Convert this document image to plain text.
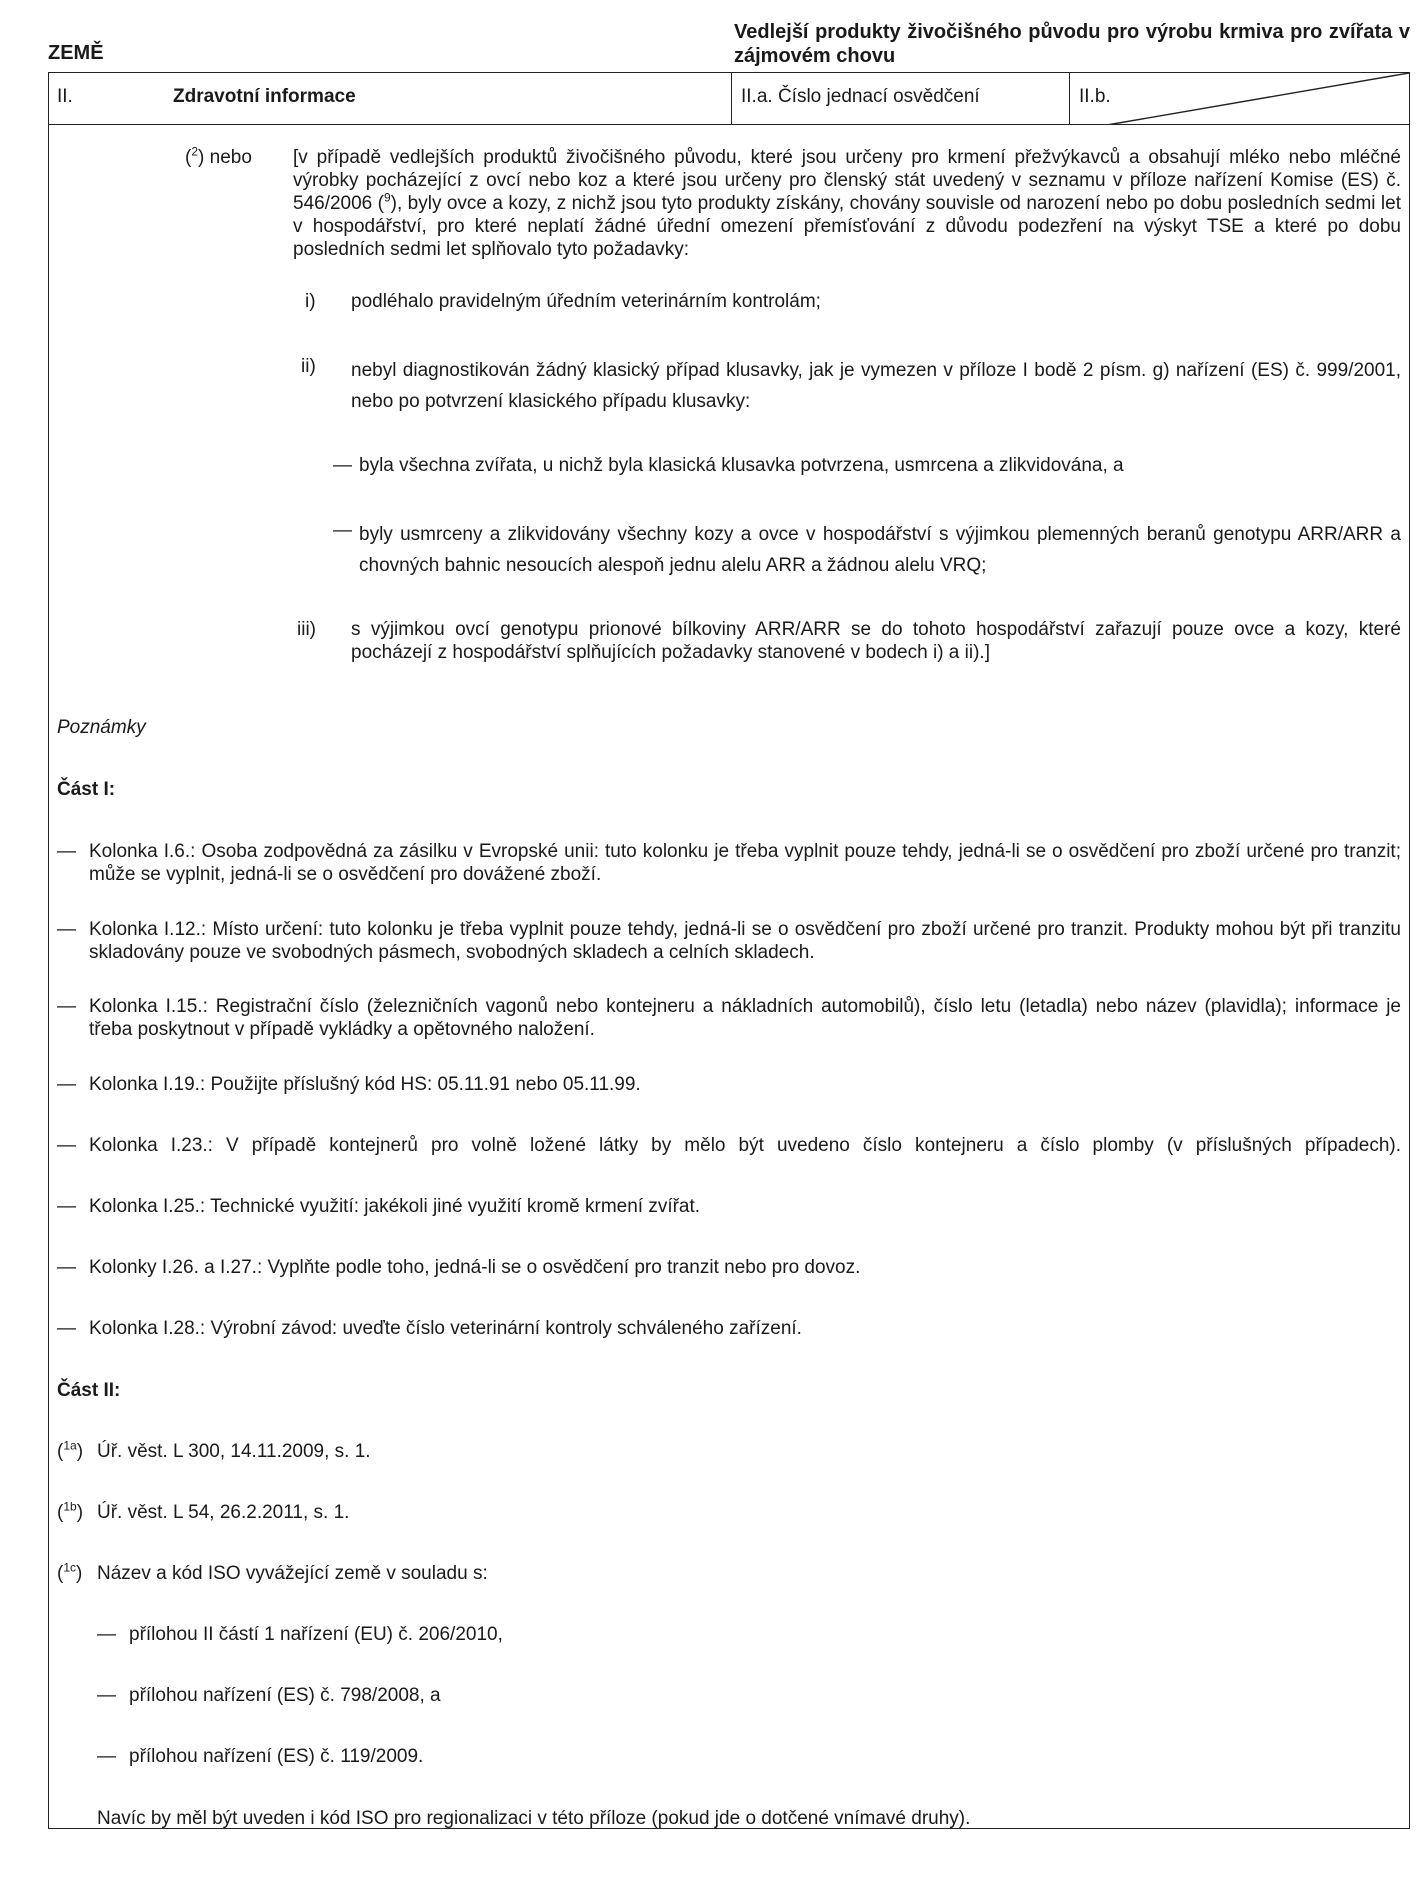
ZEMĚ
Vedlejší produkty živočišného původu pro výrobu krmiva pro zvířata v zájmovém chovu
II.	Zdravotní informace	II.a. Číslo jednací osvědčení	II.b.
($^2$) nebo [v případě vedlejších produktů živočišného původu, které jsou určeny pro krmení přežvýkavců a obsahují mléko nebo mléčné výrobky pocházející z ovcí nebo koz a které jsou určeny pro členský stát uvedený v seznamu v příloze nařízení Komise (ES) č. 546/2006 ($^9$), byly ovce a kozy, z nichž jsou tyto produkty získány, chovány souvisle od narození nebo po dobu posledních sedmi let v hospodářství, pro které neplatí žádné úřední omezení přemísťování z důvodu podezření na výskyt TSE a které po dobu posledních sedmi let splňovalo tyto požadavky:
i) podléhalo pravidelným úředním veterinárním kontrolám;
ii) nebyl diagnostikován žádný klasický případ klusavky, jak je vymezen v příloze I bodě 2 písm. g) nařízení (ES) č. 999/2001, nebo po potvrzení klasického případu klusavky:
— byla všechna zvířata, u nichž byla klasická klusavka potvrzena, usmrcena a zlikvidována, a
— byly usmrceny a zlikvidovány všechny kozy a ovce v hospodářství s výjimkou plemenných beranů genotypu ARR/ARR a chovných bahnic nesoucích alespoň jednu alelu ARR a žádnou alelu VRQ;
iii) s výjimkou ovcí genotypu prionové bílkoviny ARR/ARR se do tohoto hospodářství zařazují pouze ovce a kozy, které pocházejí z hospodářství splňujících požadavky stanovené v bodech i) a ii).]
Poznámky
Část I:
— Kolonka I.6.: Osoba zodpovědná za zásilku v Evropské unii: tuto kolonku je třeba vyplnit pouze tehdy, jedná-li se o osvědčení pro zboží určené pro tranzit; může se vyplnit, jedná-li se o osvědčení pro dovážené zboží.
— Kolonka I.12.: Místo určení: tuto kolonku je třeba vyplnit pouze tehdy, jedná-li se o osvědčení pro zboží určené pro tranzit. Produkty mohou být při tranzitu skladovány pouze ve svobodných pásmech, svobodných skladech a celních skladech.
— Kolonka I.15.: Registrační číslo (železničních vagonů nebo kontejneru a nákladních automobilů), číslo letu (letadla) nebo název (plavidla); informace je třeba poskytnout v případě vykládky a opětovného naložení.
— Kolonka I.19.: Použijte příslušný kód HS: 05.11.91 nebo 05.11.99.
— Kolonka I.23.: V případě kontejnerů pro volně ložené látky by mělo být uvedeno číslo kontejneru a číslo plomby (v příslušných případech).
— Kolonka I.25.: Technické využití: jakékoli jiné využití kromě krmení zvířat.
— Kolonky I.26. a I.27.: Vyplňte podle toho, jedná-li se o osvědčení pro tranzit nebo pro dovoz.
— Kolonka I.28.: Výrobní závod: uveďte číslo veterinární kontroly schváleného zařízení.
Část II:
($^{1a}$) Úř. věst. L 300, 14.11.2009, s. 1.
($^{1b}$) Úř. věst. L 54, 26.2.2011, s. 1.
($^{1c}$) Název a kód ISO vyvážející země v souladu s:
— přílohou II částí 1 nařízení (EU) č. 206/2010,
— přílohou nařízení (ES) č. 798/2008, a
— přílohou nařízení (ES) č. 119/2009.
Navíc by měl být uveden i kód ISO pro regionalizaci v této příloze (pokud jde o dotčené vnímavé druhy).
